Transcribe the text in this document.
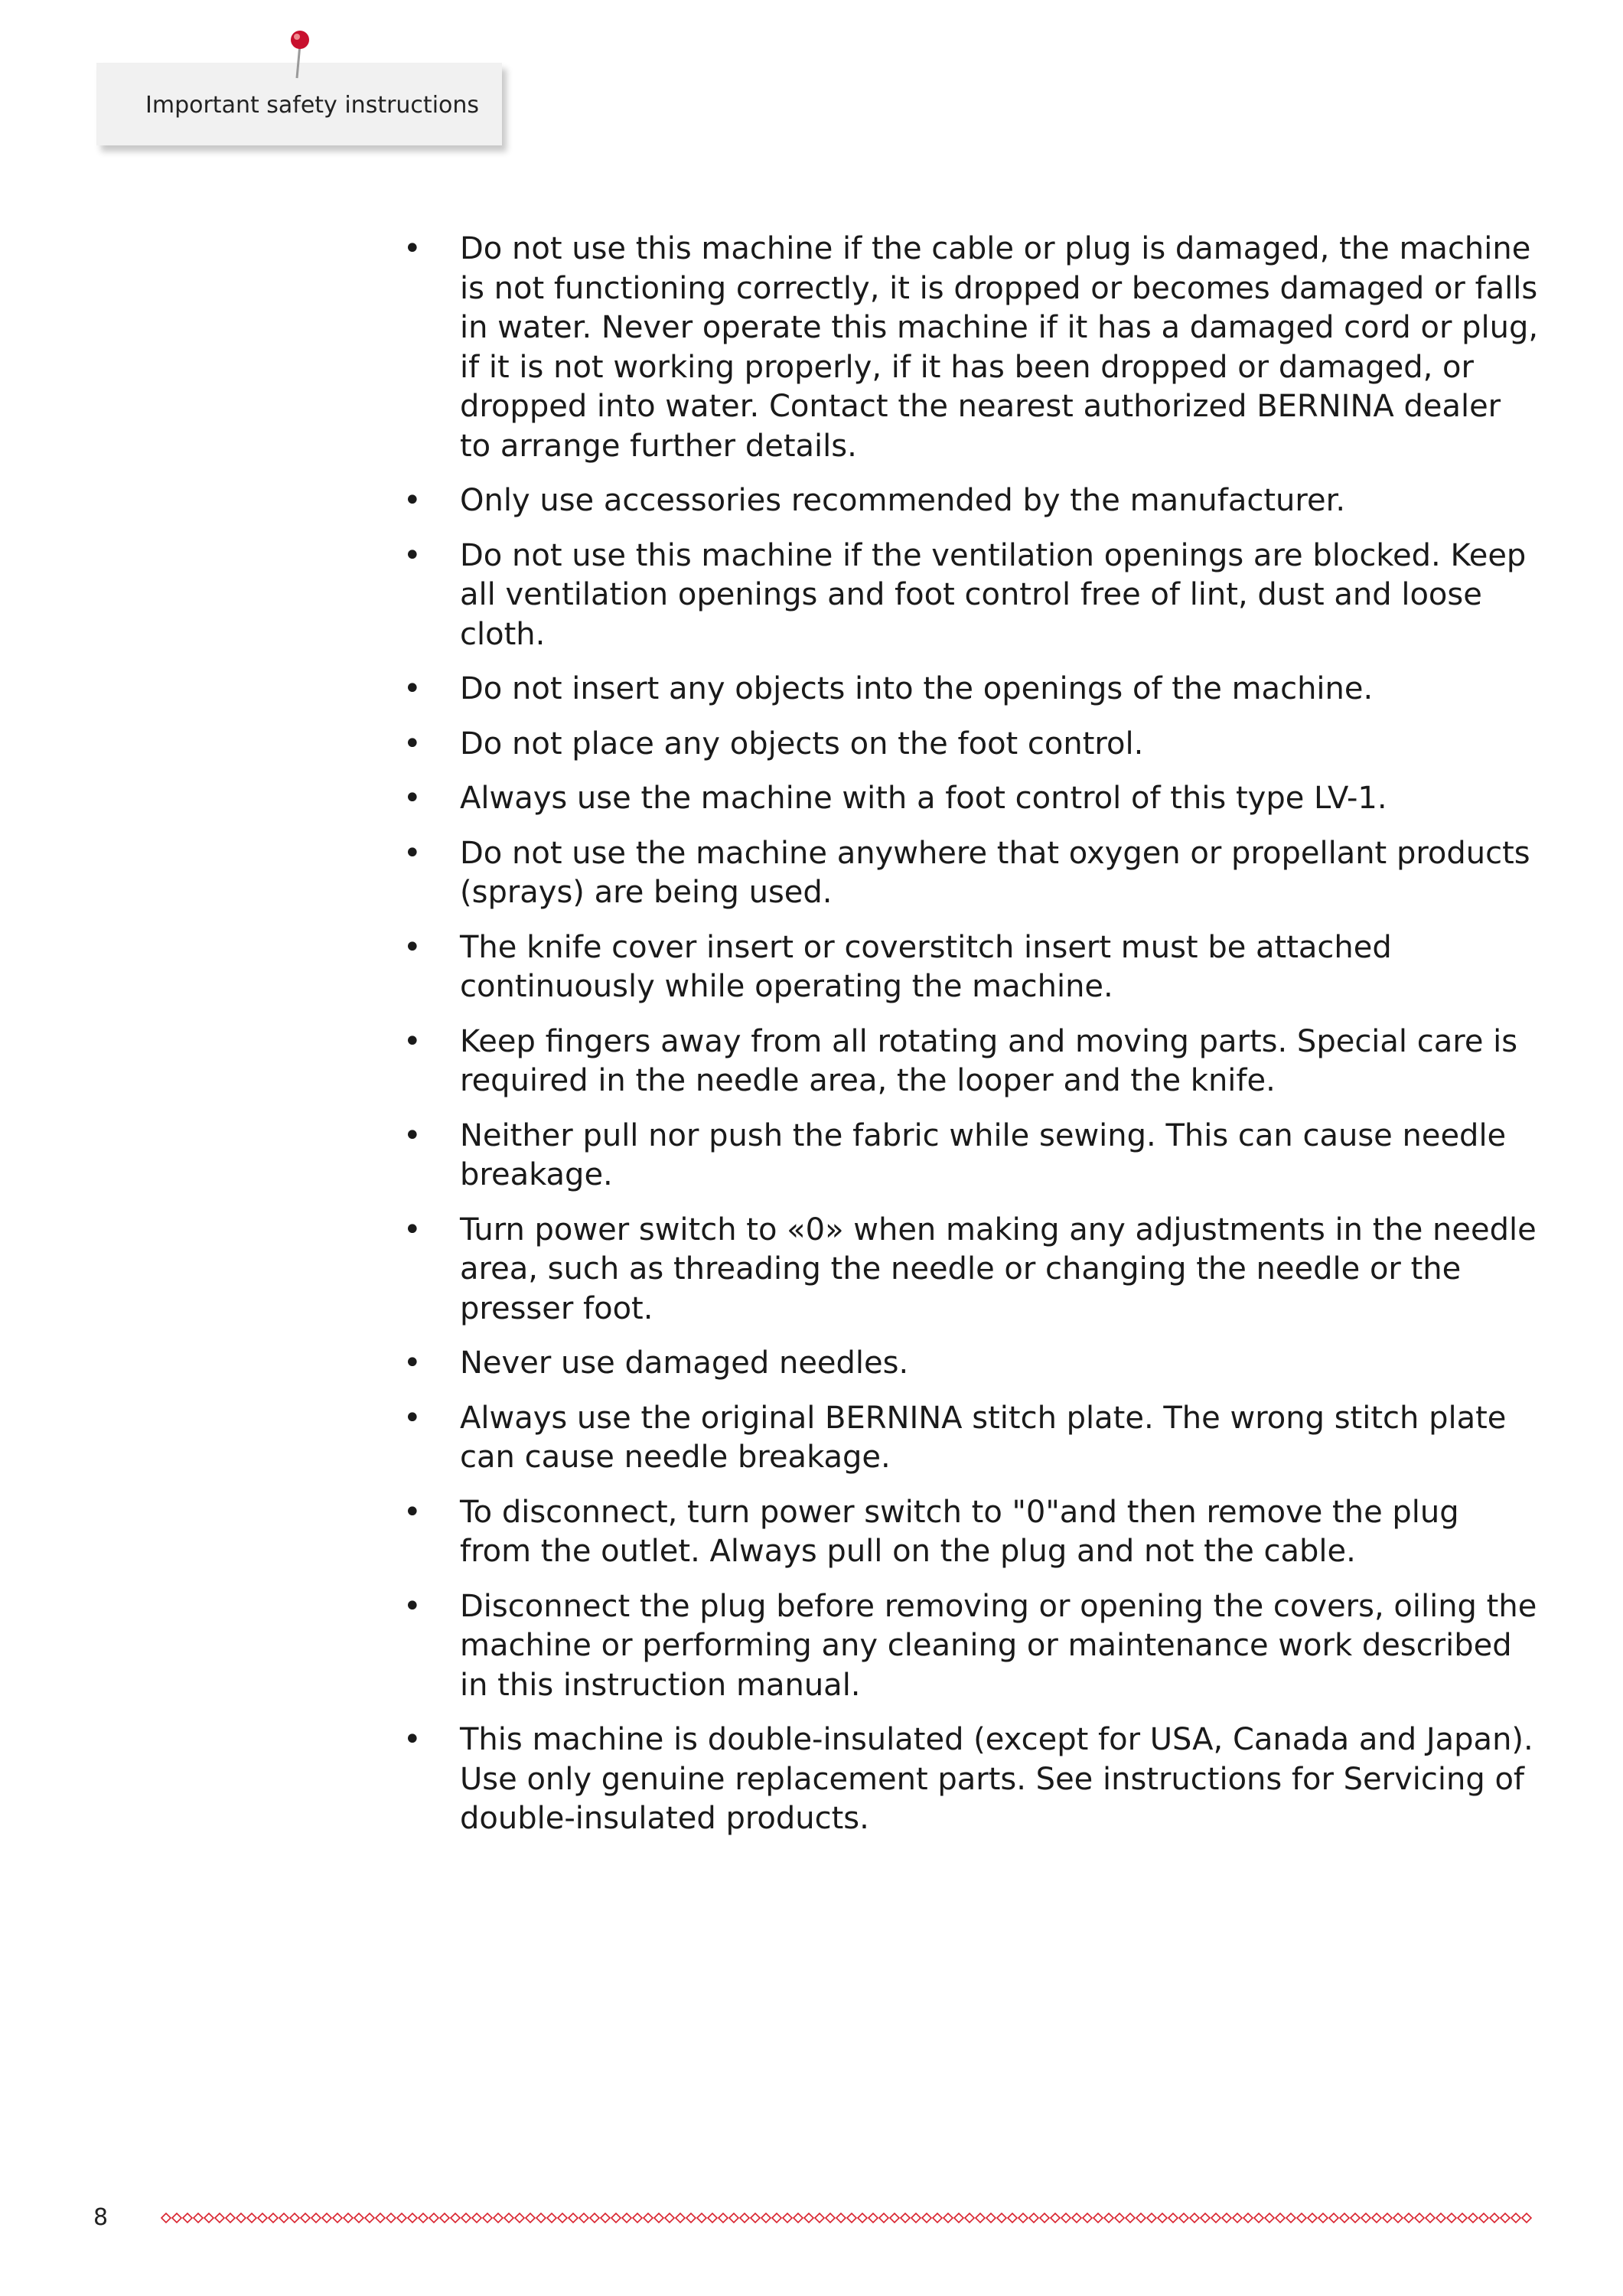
Important safety instructions
• Do not use this machine if the cable or plug is damaged, the machine is not functioning correctly, it is dropped or becomes damaged or falls in water. Never operate this machine if it has a damaged cord or plug, if it is not working properly, if it has been dropped or damaged, or dropped into water. Contact the nearest authorized BERNINA dealer to arrange further details.
• Only use accessories recommended by the manufacturer.
• Do not use this machine if the ventilation openings are blocked. Keep all ventilation openings and foot control free of lint, dust and loose cloth.
• Do not insert any objects into the openings of the machine.
• Do not place any objects on the foot control.
• Always use the machine with a foot control of this type LV-1.
• Do not use the machine anywhere that oxygen or propellant products (sprays) are being used.
• The knife cover insert or coverstitch insert must be attached continuously while operating the machine.
• Keep fingers away from all rotating and moving parts. Special care is required in the needle area, the looper and the knife.
• Neither pull nor push the fabric while sewing. This can cause needle breakage.
• Turn power switch to «0» when making any adjustments in the needle area, such as threading the needle or changing the needle or the presser foot.
• Never use damaged needles.
• Always use the original BERNINA stitch plate. The wrong stitch plate can cause needle breakage.
• To disconnect, turn power switch to "0"and then remove the plug from the outlet. Always pull on the plug and not the cable.
• Disconnect the plug before removing or opening the covers, oiling the machine or performing any cleaning or maintenance work described in this instruction manual.
• This machine is double-insulated (except for USA, Canada and Japan). Use only genuine replacement parts. See instructions for Servicing of double-insulated products.
8
